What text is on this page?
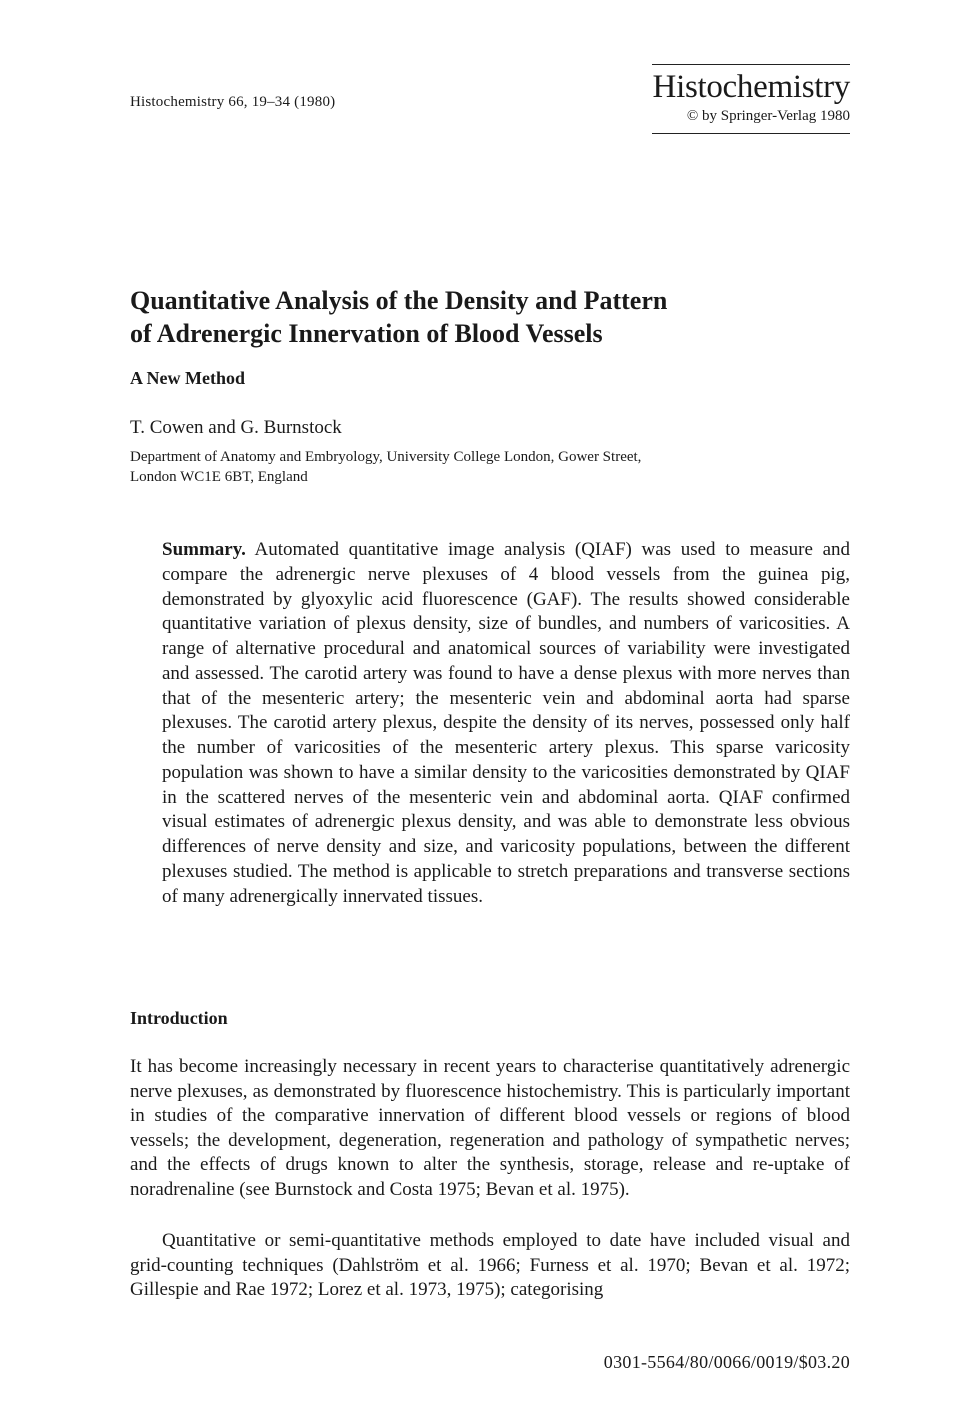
Histochemistry 66, 19–34 (1980)	Histochemistry
© by Springer-Verlag 1980
Quantitative Analysis of the Density and Pattern
of Adrenergic Innervation of Blood Vessels
A New Method
T. Cowen and G. Burnstock
Department of Anatomy and Embryology, University College London, Gower Street,
London WC1E 6BT, England

Summary. Automated quantitative image analysis (QIAF) was used to measure and compare the adrenergic nerve plexuses of 4 blood vessels from the guinea pig, demonstrated by glyoxylic acid fluorescence (GAF). The results showed considerable quantitative variation of plexus density, size of bundles, and numbers of varicosities. A range of alternative procedural and anatomical sources of variability were investigated and assessed. The carotid artery was found to have a dense plexus with more nerves than that of the mesenteric artery; the mesenteric vein and abdominal aorta had sparse plexuses. The carotid artery plexus, despite the density of its nerves, possessed only half the number of varicosities of the mesenteric artery plexus. This sparse varicosity population was shown to have a similar density to the varicosities demonstrated by QIAF in the scattered nerves of the mesenteric vein and abdominal aorta. QIAF confirmed visual estimates of adrenergic plexus density, and was able to demonstrate less obvious differences of nerve density and size, and varicosity populations, between the different plexuses studied. The method is applicable to stretch preparations and transverse sections of many adrenergically innervated tissues.

Introduction

It has become increasingly necessary in recent years to characterise quantitatively adrenergic nerve plexuses, as demonstrated by fluorescence histochemistry. This is particularly important in studies of the comparative innervation of different blood vessels or regions of blood vessels; the development, degeneration, regeneration and pathology of sympathetic nerves; and the effects of drugs known to alter the synthesis, storage, release and re-uptake of noradrenaline (see Burnstock and Costa 1975; Bevan et al. 1975).

Quantitative or semi-quantitative methods employed to date have included visual and grid-counting techniques (Dahlström et al. 1966; Furness et al. 1970; Bevan et al. 1972; Gillespie and Rae 1972; Lorez et al. 1973, 1975); categorising

0301-5564/80/0066/0019/$03.20
